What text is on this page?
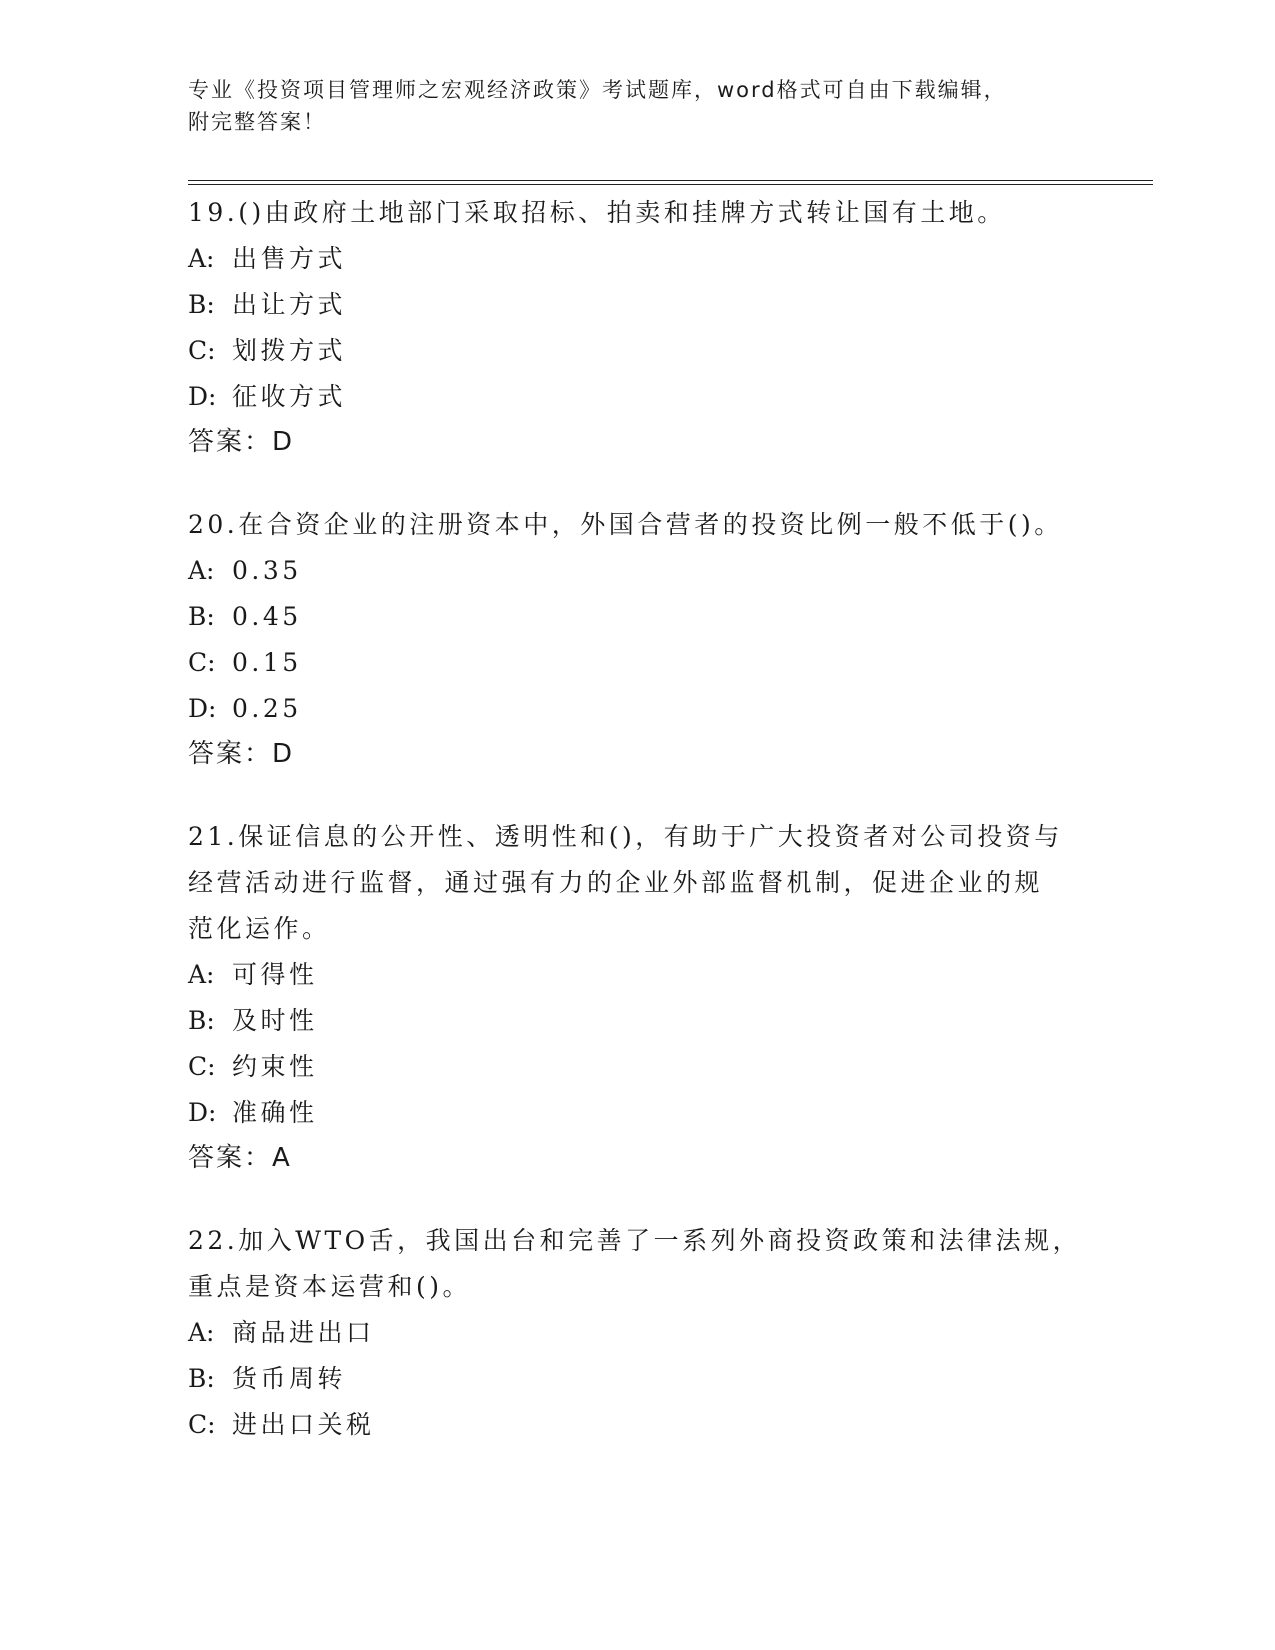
专业《投资项目管理师之宏观经济政策》考试题库，word格式可自由下载编辑，
附完整答案！

19.()由政府土地部门采取招标、拍卖和挂牌方式转让国有土地。

A: 出售方式
B: 出让方式
C: 划拨方式
D: 征收方式
答案：D

20.在合资企业的注册资本中，外国合营者的投资比例一般不低于()。

A: 0.35
B: 0.45
C: 0.15
D: 0.25
答案：D

21.保证信息的公开性、透明性和()，有助于广大投资者对公司投资与

经营活动进行监督，通过强有力的企业外部监督机制，促进企业的规

范化运作。

A: 可得性
B: 及时性
C: 约束性
D: 准确性
答案：A

22.加入WTO舌，我国出台和完善了一系列外商投资政策和法律法规，

重点是资本运营和()。

A: 商品进出口
B: 货币周转
C: 进出口关税
